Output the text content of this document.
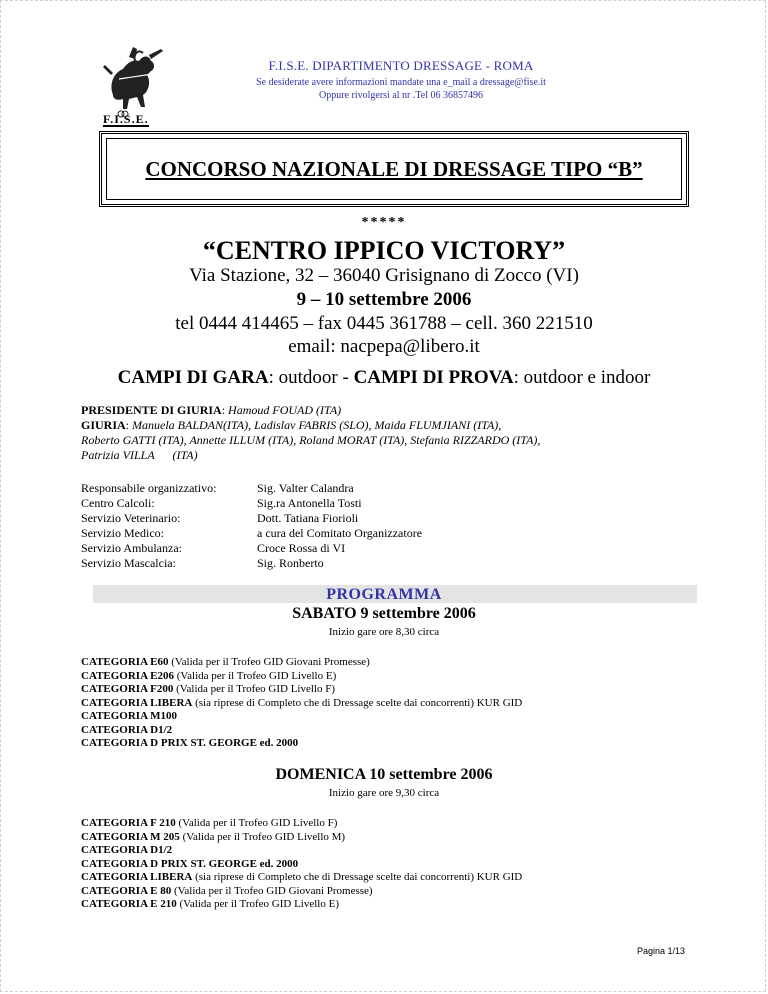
F.I.S.E.
F.I.S.E. DIPARTIMENTO DRESSAGE - ROMA
Se desiderate avere informazioni mandate una e_mail a dressage@fise.it
Oppure rivolgersi al nr .Tel 06 36857496
CONCORSO NAZIONALE DI DRESSAGE TIPO “B”
*****
“CENTRO IPPICO VICTORY”
Via Stazione, 32 – 36040 Grisignano di Zocco (VI)
9 – 10 settembre 2006
tel 0444 414465 – fax 0445 361788 – cell. 360 221510
email: nacpepa@libero.it
CAMPI DI GARA: outdoor - CAMPI DI PROVA: outdoor e indoor
PRESIDENTE DI GIURIA: Hamoud FOUAD (ITA)
GIURIA: Manuela BALDAN(ITA), Ladislav FABRIS (SLO), Maida FLUMJIANI (ITA),
Roberto GATTI (ITA), Annette ILLUM (ITA), Roland MORAT (ITA), Stefania RIZZARDO (ITA),
Patrizia VILLA      (ITA)
Responsabile organizzativo:	Sig. Valter Calandra
Centro Calcoli:	Sig.ra Antonella Tosti
Servizio Veterinario:	Dott. Tatiana Fiorioli
Servizio Medico:	a cura del Comitato Organizzatore
Servizio Ambulanza:	Croce Rossa di VI
Servizio Mascalcia:	Sig. Ronberto
PROGRAMMA
SABATO 9 settembre 2006
Inizio gare ore 8,30 circa
CATEGORIA E60 (Valida per il Trofeo GID Giovani Promesse)
CATEGORIA E206 (Valida per il Trofeo GID Livello E)
CATEGORIA F200 (Valida per il Trofeo GID Livello F)
CATEGORIA LIBERA (sia riprese di Completo che di Dressage scelte dai concorrenti) KUR GID
CATEGORIA M100
CATEGORIA D1/2
CATEGORIA D PRIX ST. GEORGE ed. 2000
DOMENICA 10 settembre 2006
Inizio gare ore 9,30 circa
CATEGORIA F 210 (Valida per il Trofeo GID Livello F)
CATEGORIA M 205 (Valida per il Trofeo GID Livello M)
CATEGORIA D1/2
CATEGORIA D PRIX ST. GEORGE ed. 2000
CATEGORIA LIBERA (sia riprese di Completo che di Dressage scelte dai concorrenti) KUR GID
CATEGORIA E 80 (Valida per il Trofeo GID Giovani Promesse)
CATEGORIA E 210 (Valida per il Trofeo GID Livello E)
Pagina 1/13
